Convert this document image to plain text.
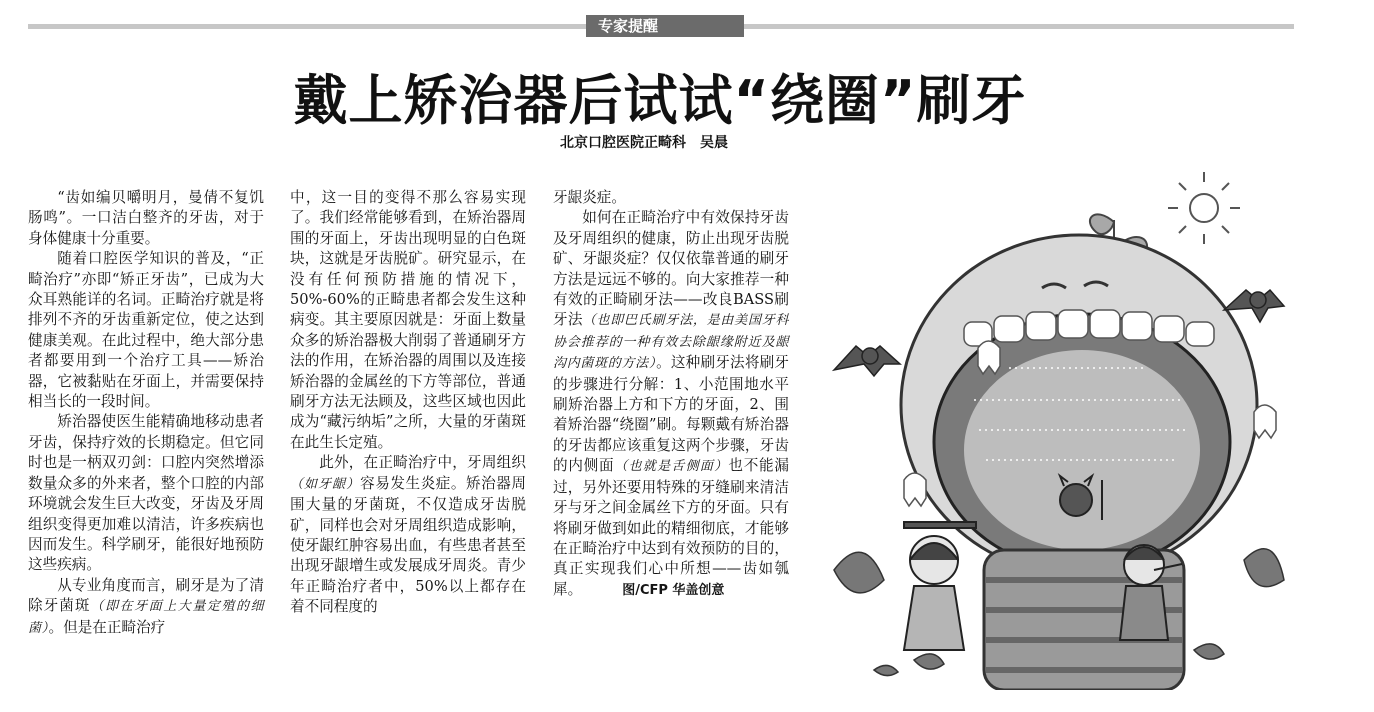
专家提醒
戴上矫治器后试试“绕圈”刷牙
北京口腔医院正畸科　吴晨

“齿如编贝嚼明月，曼倩不复饥肠鸣”。一口洁白整齐的牙齿，对于身体健康十分重要。

随着口腔医学知识的普及，“正畸治疗”亦即“矫正牙齿”，已成为大众耳熟能详的名词。正畸治疗就是将排列不齐的牙齿重新定位，使之达到健康美观。在此过程中，绝大部分患者都要用到一个治疗工具——矫治器，它被黏贴在牙面上，并需要保持相当长的一段时间。

矫治器使医生能精确地移动患者牙齿，保持疗效的长期稳定。但它同时也是一柄双刃剑：口腔内突然增添数量众多的外来者，整个口腔的内部环境就会发生巨大改变，牙齿及牙周组织变得更加难以清洁，许多疾病也因而发生。科学刷牙，能很好地预防这些疾病。

从专业角度而言，刷牙是为了清除牙菌斑（即在牙面上大量定殖的细菌）。但是在正畸治疗

中，这一目的变得不那么容易实现了。我们经常能够看到，在矫治器周围的牙面上，牙齿出现明显的白色斑块，这就是牙齿脱矿。研究显示，在没有任何预防措施的情况下，50%-60%的正畸患者都会发生这种病变。其主要原因就是：牙面上数量众多的矫治器极大削弱了普通刷牙方法的作用，在矫治器的周围以及连接矫治器的金属丝的下方等部位，普通刷牙方法无法顾及，这些区域也因此成为“藏污纳垢”之所，大量的牙菌斑在此生长定殖。

此外，在正畸治疗中，牙周组织（如牙龈）容易发生炎症。矫治器周围大量的牙菌斑，不仅造成牙齿脱矿，同样也会对牙周组织造成影响，使牙龈红肿容易出血，有些患者甚至出现牙龈增生或发展成牙周炎。青少年正畸治疗者中，50%以上都存在着不同程度的

牙龈炎症。

如何在正畸治疗中有效保持牙齿及牙周组织的健康，防止出现牙齿脱矿、牙龈炎症？仅仅依靠普通的刷牙方法是远远不够的。向大家推荐一种有效的正畸刷牙法——改良BASS刷牙法（也即巴氏刷牙法，是由美国牙科协会推荐的一种有效去除龈缘附近及龈沟内菌斑的方法）。这种刷牙法将刷牙的步骤进行分解：1、小范围地水平刷矫治器上方和下方的牙面，2、围着矫治器“绕圈”刷。每颗戴有矫治器的牙齿都应该重复这两个步骤，牙齿的内侧面（也就是舌侧面）也不能漏过，另外还要用特殊的牙缝刷来清洁牙与牙之间金属丝下方的牙面。只有将刷牙做到如此的精细彻底，才能够在正畸治疗中达到有效预防的目的，真正实现我们心中所想——齿如瓠犀。	图/CFP 华盖创意
